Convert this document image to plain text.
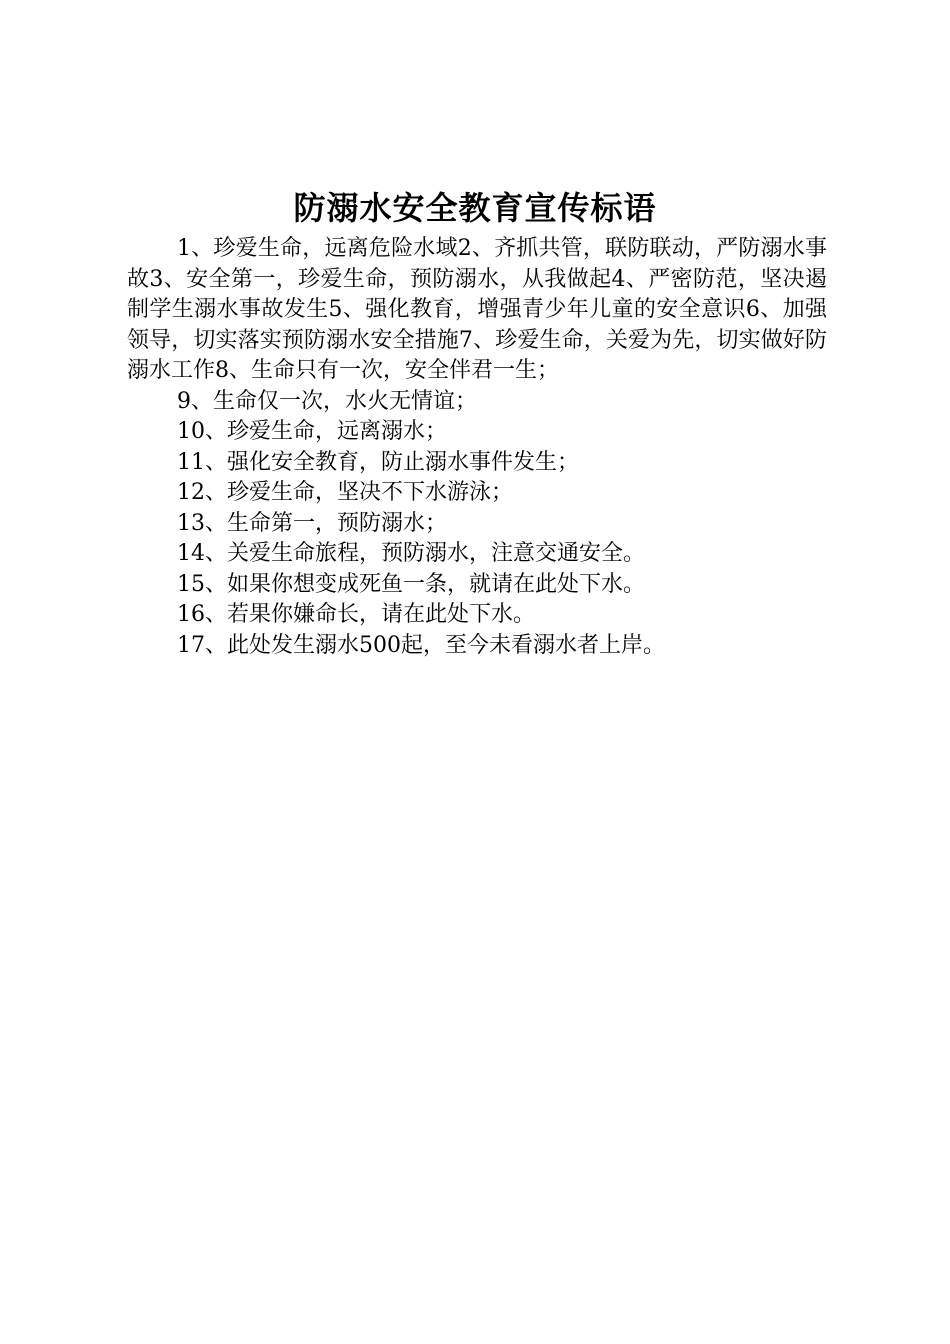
防溺水安全教育宣传标语

1、珍爱生命，远离危险水域2、齐抓共管，联防联动，严防溺水事故3、安全第一，珍爱生命，预防溺水，从我做起4、严密防范，坚决遏制学生溺水事故发生5、强化教育，增强青少年儿童的安全意识6、加强领导，切实落实预防溺水安全措施7、珍爱生命，关爱为先，切实做好防溺水工作8、生命只有一次，安全伴君一生；

9、生命仅一次，水火无情谊；

10、珍爱生命，远离溺水；

11、强化安全教育，防止溺水事件发生；

12、珍爱生命，坚决不下水游泳；

13、生命第一，预防溺水；

14、关爱生命旅程，预防溺水，注意交通安全。

15、如果你想变成死鱼一条，就请在此处下水。

16、若果你嫌命长，请在此处下水。

17、此处发生溺水500起，至今未看溺水者上岸。
